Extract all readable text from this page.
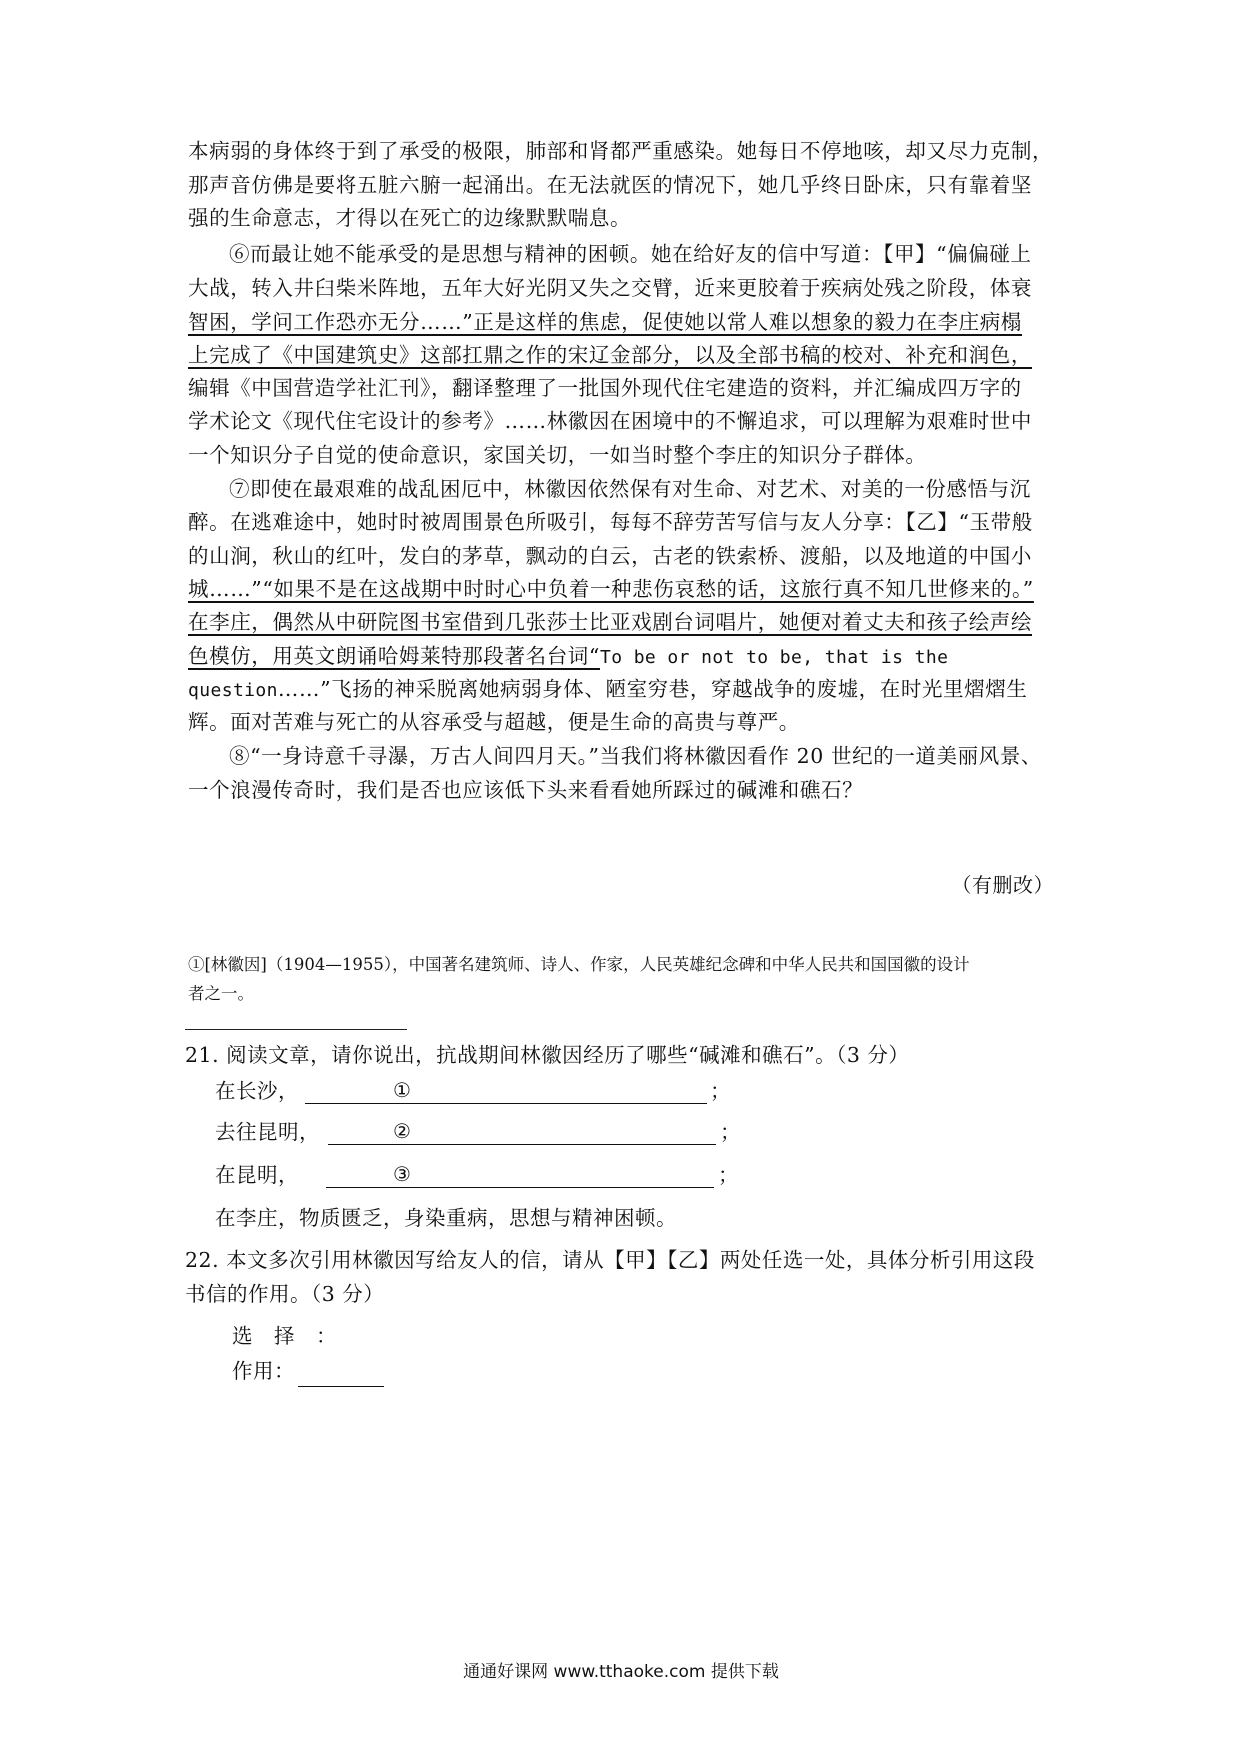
本病弱的身体终于到了承受的极限，肺部和肾都严重感染。她每日不停地咳，却又尽力克制，
那声音仿佛是要将五脏六腑一起涌出。在无法就医的情况下，她几乎终日卧床，只有靠着坚
强的生命意志，才得以在死亡的边缘默默喘息。
⑥而最让她不能承受的是思想与精神的困顿。她在给好友的信中写道：【甲】“偏偏碰上
大战，转入井臼柴米阵地，五年大好光阴又失之交臂，近来更胶着于疾病处残之阶段，体衰
智困，学问工作恐亦无分……”正是这样的焦虑，促使她以常人难以想象的毅力在李庄病榻
上完成了《中国建筑史》这部扛鼎之作的宋辽金部分，以及全部书稿的校对、补充和润色，
编辑《中国营造学社汇刊》，翻译整理了一批国外现代住宅建造的资料，并汇编成四万字的
学术论文《现代住宅设计的参考》……林徽因在困境中的不懈追求，可以理解为艰难时世中
一个知识分子自觉的使命意识，家国关切，一如当时整个李庄的知识分子群体。
⑦即使在最艰难的战乱困厄中，林徽因依然保有对生命、对艺术、对美的一份感悟与沉
醉。在逃难途中，她时时被周围景色所吸引，每每不辞劳苦写信与友人分享：【乙】“玉带般
的山涧，秋山的红叶，发白的茅草，飘动的白云，古老的铁索桥、渡船，以及地道的中国小
城……”“如果不是在这战期中时时心中负着一种悲伤哀愁的话，这旅行真不知几世修来的。”
在李庄，偶然从中研院图书室借到几张莎士比亚戏剧台词唱片，她便对着丈夫和孩子绘声绘
色模仿，用英文朗诵哈姆莱特那段著名台词“To be or not to be, that is the
question……”飞扬的神采脱离她病弱身体、陋室穷巷，穿越战争的废墟，在时光里熠熠生
辉。面对苦难与死亡的从容承受与超越，便是生命的高贵与尊严。
⑧“一身诗意千寻瀑，万古人间四月天。”当我们将林徽因看作 20 世纪的一道美丽风景、
一个浪漫传奇时，我们是否也应该低下头来看看她所踩过的碱滩和礁石？
（有删改）
①[林徽因]（1904—1955），中国著名建筑师、诗人、作家，人民英雄纪念碑和中华人民共和国国徽的设计
者之一。
21. 阅读文章，请你说出，抗战期间林徽因经历了哪些“碱滩和礁石”。（3 分）
在长沙，	①	；
去往昆明，	②	；
在昆明，	③	；
在李庄，物质匮乏，身染重病，思想与精神困顿。
22. 本文多次引用林徽因写给友人的信，请从【甲】【乙】两处任选一处，具体分析引用这段
书信的作用。（3 分）
选　择　：
作用：
通通好课网 www.tthaoke.com 提供下载
